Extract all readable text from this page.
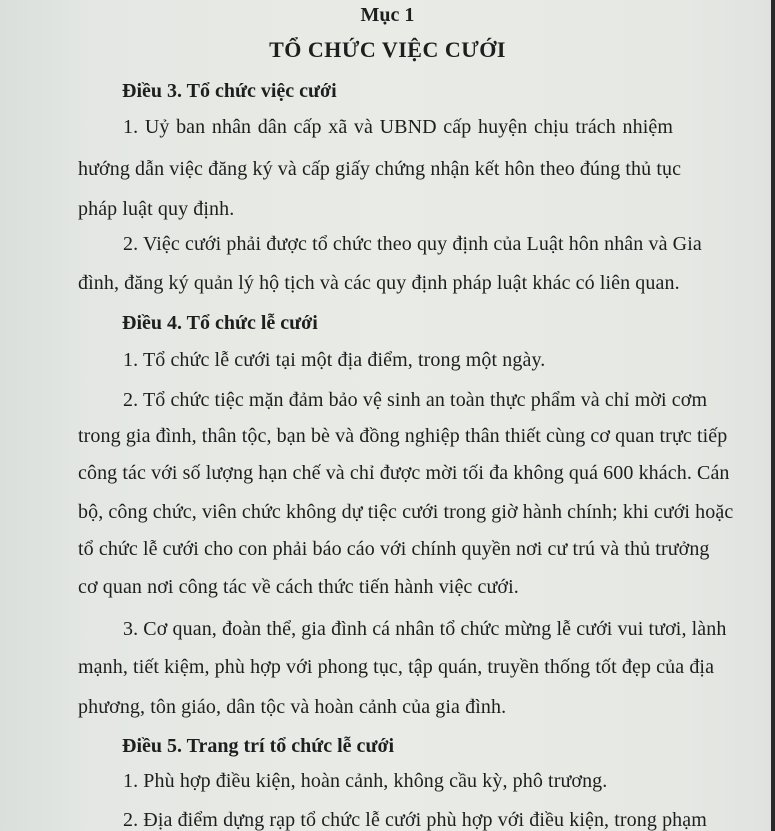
Mục 1
TỔ CHỨC VIỆC CƯỚI
Điều 3. Tổ chức việc cưới
1. Uỷ ban nhân dân cấp xã và UBND cấp huyện chịu trách nhiệm
hướng dẫn việc đăng ký và cấp giấy chứng nhận kết hôn theo đúng thủ tục
pháp luật quy định.
2. Việc cưới phải được tổ chức theo quy định của Luật hôn nhân và Gia
đình, đăng ký quản lý hộ tịch và các quy định pháp luật khác có liên quan.
Điều 4. Tổ chức lễ cưới
1. Tổ chức lễ cưới tại một địa điểm, trong một ngày.
2. Tổ chức tiệc mặn đảm bảo vệ sinh an toàn thực phẩm và chỉ mời cơm
trong gia đình, thân tộc, bạn bè và đồng nghiệp thân thiết cùng cơ quan trực tiếp
công tác với số lượng hạn chế và chỉ được mời tối đa không quá 600 khách. Cán
bộ, công chức, viên chức không dự tiệc cưới trong giờ hành chính; khi cưới hoặc
tổ chức lễ cưới cho con phải báo cáo với chính quyền nơi cư trú và thủ trưởng
cơ quan nơi công tác về cách thức tiến hành việc cưới.
3. Cơ quan, đoàn thể, gia đình cá nhân tổ chức mừng lễ cưới vui tươi, lành
mạnh, tiết kiệm, phù hợp với phong tục, tập quán, truyền thống tốt đẹp của địa
phương, tôn giáo, dân tộc và hoàn cảnh của gia đình.
Điều 5. Trang trí tổ chức lễ cưới
1. Phù hợp điều kiện, hoàn cảnh, không cầu kỳ, phô trương.
2. Địa điểm dựng rạp tổ chức lễ cưới phù hợp với điều kiện, trong phạm
